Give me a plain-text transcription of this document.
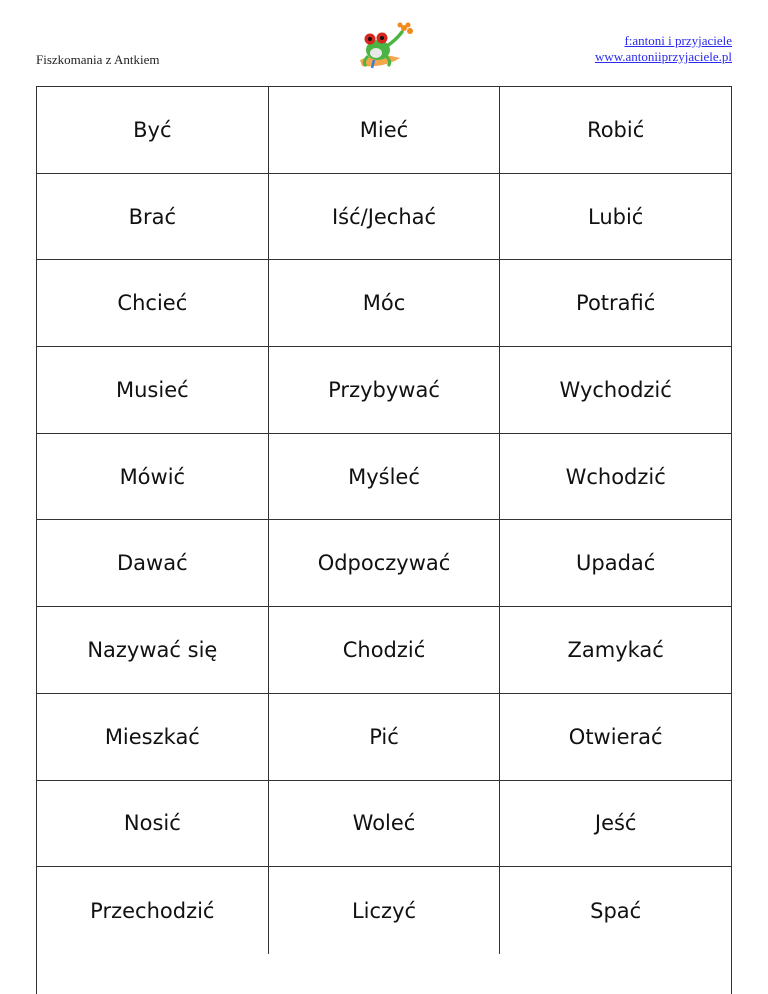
Fiszkomania z Antkiem
f:antoni i przyjaciele
www.antoniiprzyjaciele.pl
Być	Mieć	Robić
Brać	Iść/Jechać	Lubić
Chcieć	Móc	Potrafić
Musieć	Przybywać	Wychodzić
Mówić	Myśleć	Wchodzić
Dawać	Odpoczywać	Upadać
Nazywać się	Chodzić	Zamykać
Mieszkać	Pić	Otwierać
Nosić	Woleć	Jeść
Przechodzić	Liczyć	Spać
